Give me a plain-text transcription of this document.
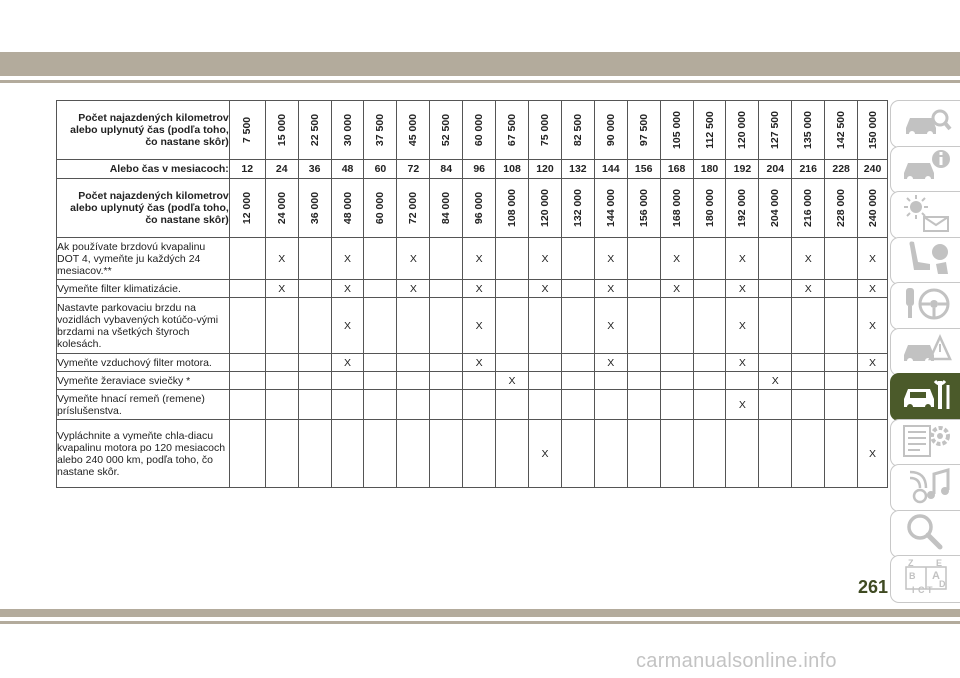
Počet najazdených kilometrov alebo uplynutý čas (podľa toho, čo nastane skôr)	7 500	15 000	22 500	30 000	37 500	45 000	52 500	60 000	67 500	75 000	82 500	90 000	97 500	105 000	112 500	120 000	127 500	135 000	142 500	150 000

Alebo čas v mesiacoch:	12	24	36	48	60	72	84	96	108	120	132	144	156	168	180	192	204	216	228	240
Počet najazdených kilometrov alebo uplynutý čas (podľa toho, čo nastane skôr)	12 000	24 000	36 000	48 000	60 000	72 000	84 000	96 000	108 000	120 000	132 000	144 000	156 000	168 000	180 000	192 000	204 000	216 000	228 000	240 000

Ak používate brzdovú kvapalinu DOT 4, vymeňte ju každých 24 mesiacov.**		X		X		X		X		X		X		X		X		X		X
Vymeňte filter klimatizácie.		X		X		X		X		X		X		X		X		X		X
Nastavte parkovaciu brzdu na vozidlách vybavených kotúčo-vými brzdami na všetkých štyroch kolesách.				X				X				X				X				X
Vymeňte vzduchový filter motora.				X				X				X				X				X
Vymeňte žeraviace sviečky *									X								X			
Vymeňte hnací remeň (remene) príslušenstva.																X				
Vypláchnite a vymeňte chla-diacu kvapalinu motora po 120 mesiacoch alebo 240 000 km, podľa toho, čo nastane skôr.										X										X
Z	E
B A
I C T
D
261
carmanualsonline.info
